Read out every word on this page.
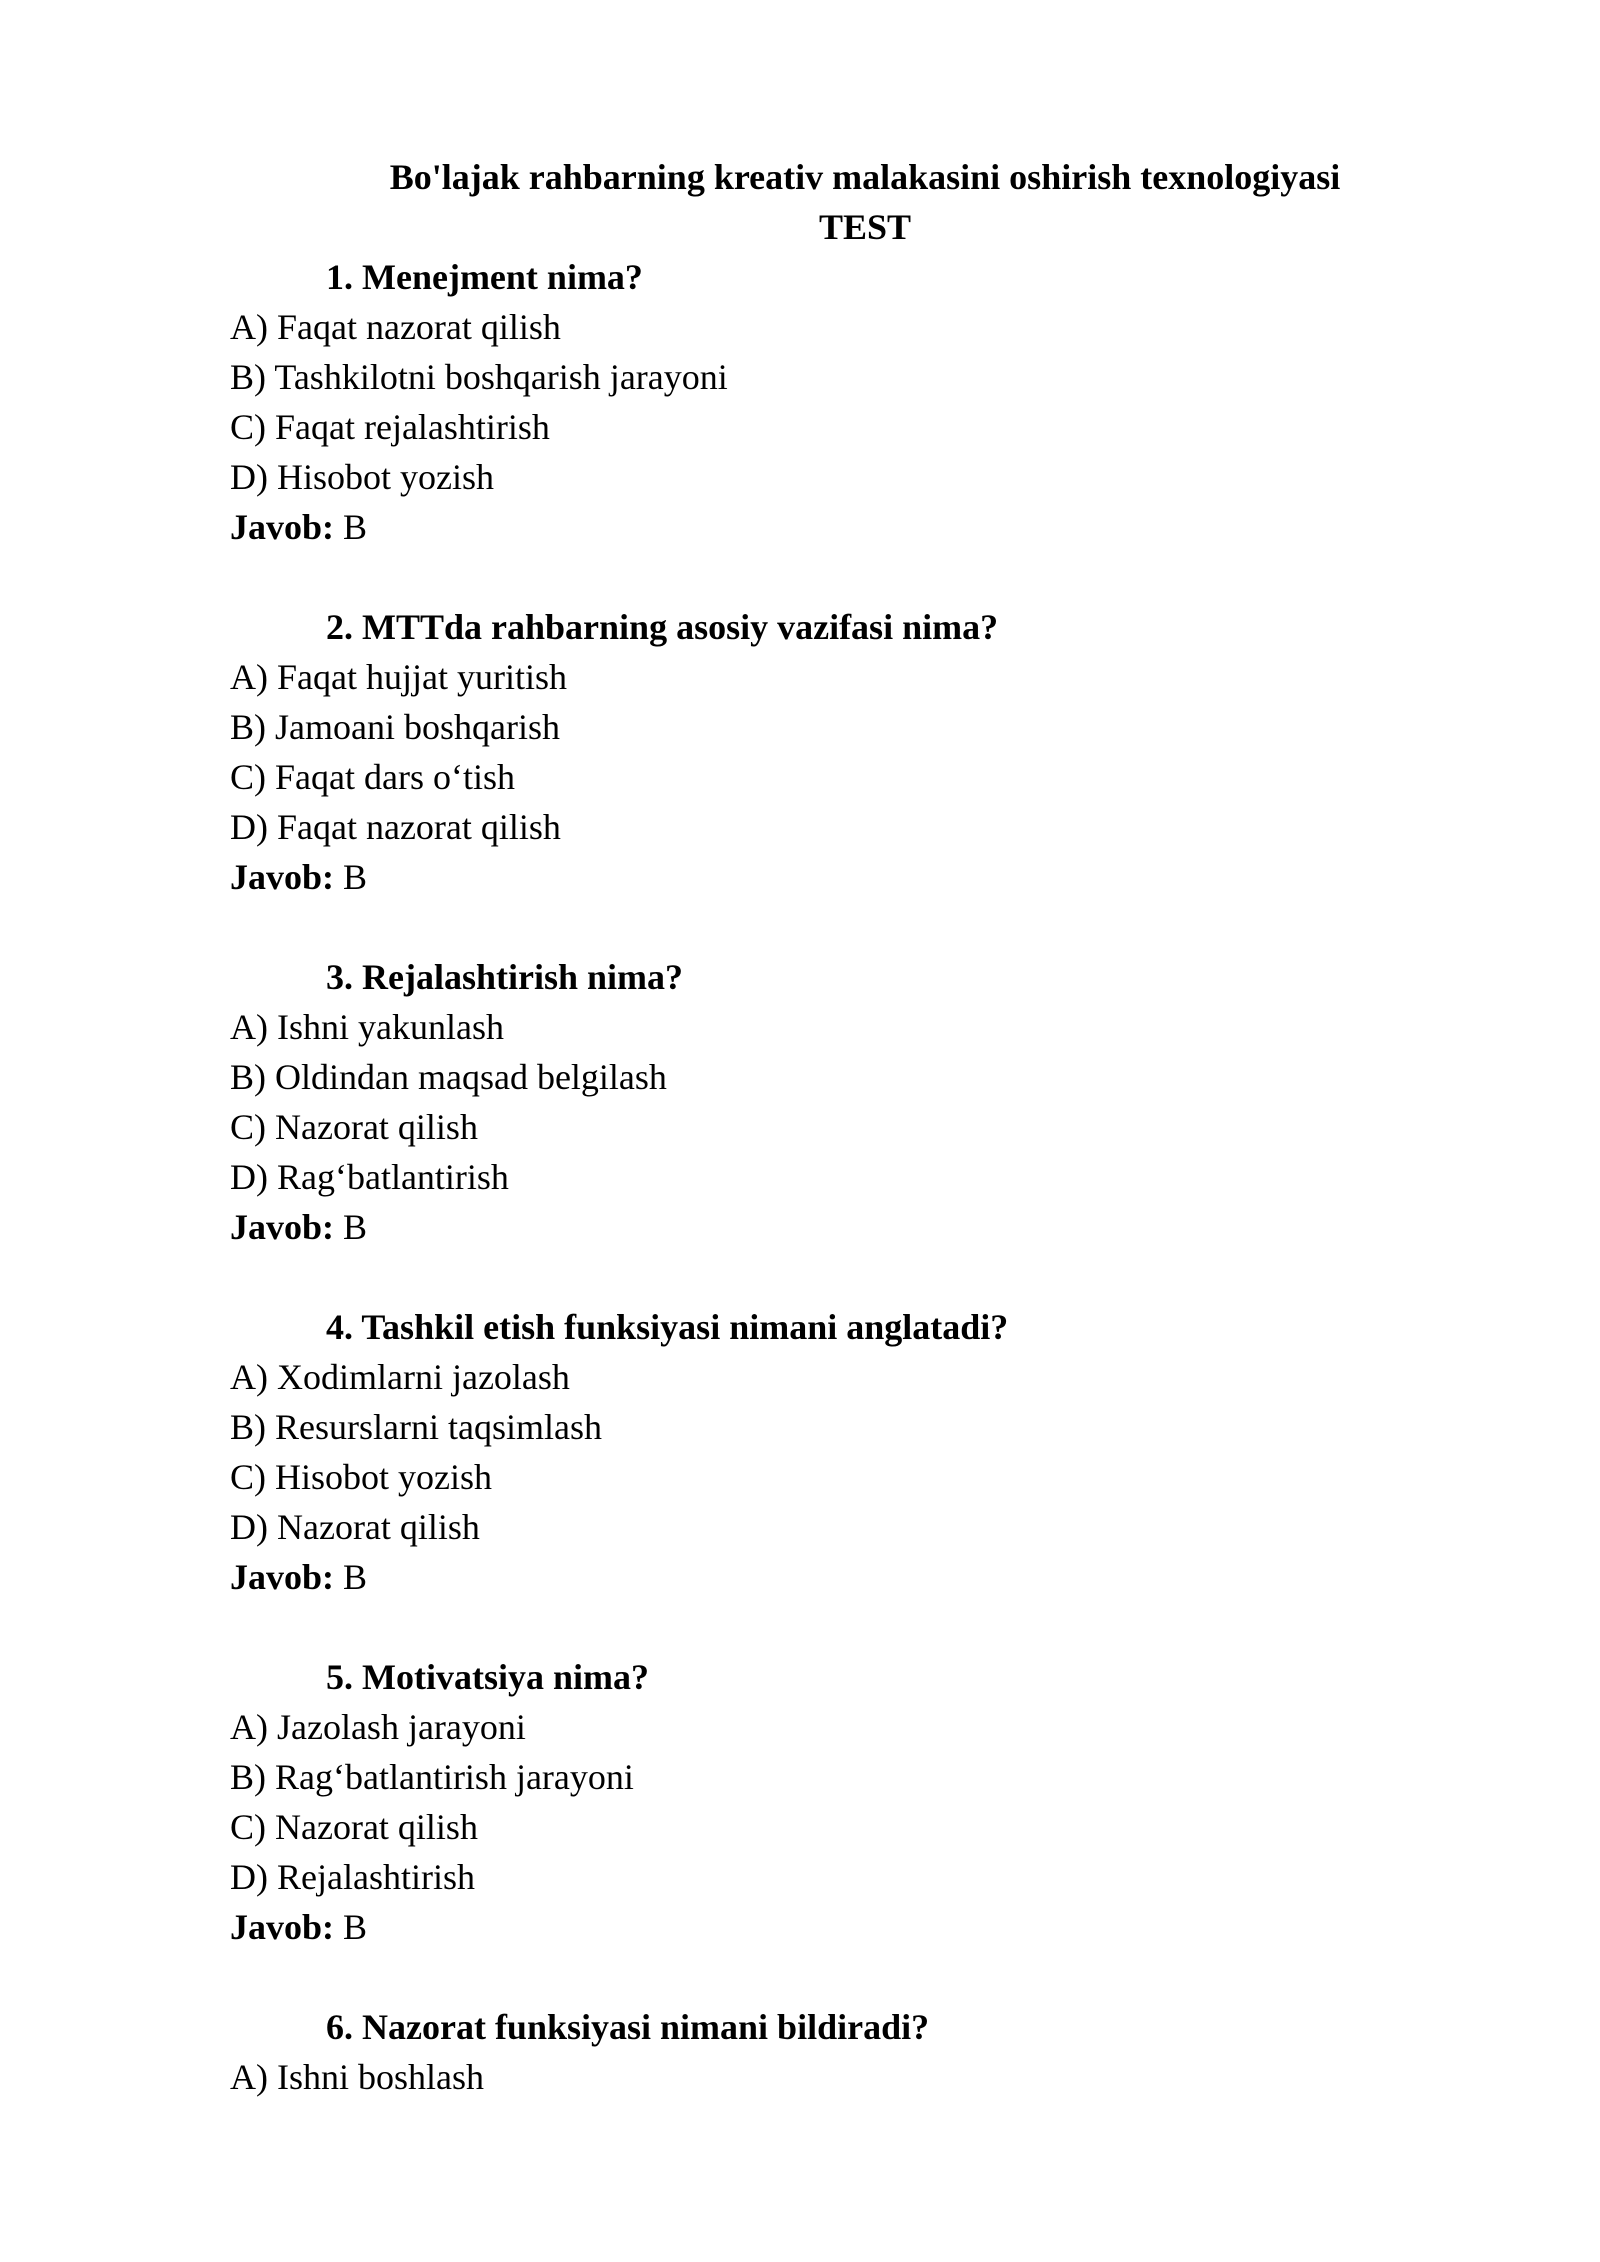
Bo'lajak rahbarning kreativ malakasini oshirish texnologiyasi
TEST
1. Menejment nima?
A) Faqat nazorat qilish
B) Tashkilotni boshqarish jarayoni
C) Faqat rejalashtirish
D) Hisobot yozish
Javob: B
2. MTTda rahbarning asosiy vazifasi nima?
A) Faqat hujjat yuritish
B) Jamoani boshqarish
C) Faqat dars o‘tish
D) Faqat nazorat qilish
Javob: B
3. Rejalashtirish nima?
A) Ishni yakunlash
B) Oldindan maqsad belgilash
C) Nazorat qilish
D) Rag‘batlantirish
Javob: B
4. Tashkil etish funksiyasi nimani anglatadi?
A) Xodimlarni jazolash
B) Resurslarni taqsimlash
C) Hisobot yozish
D) Nazorat qilish
Javob: B
5. Motivatsiya nima?
A) Jazolash jarayoni
B) Rag‘batlantirish jarayoni
C) Nazorat qilish
D) Rejalashtirish
Javob: B
6. Nazorat funksiyasi nimani bildiradi?
A) Ishni boshlash
